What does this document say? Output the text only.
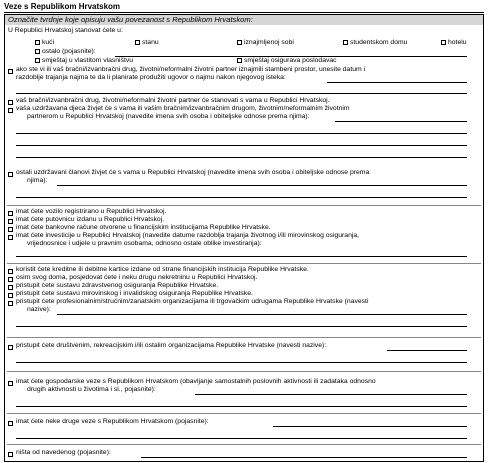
Veze s Republikom Hrvatskom
Označite tvrdnje koje opisuju vašu povezanost s Republikom Hrvatskom:
U Republici Hrvatskoj stanovat ćete u:
kući	stanu	iznajmljenoj sobi	studentskom domu	hotelu
ostalo (pojasnite):
smještaj u vlastitom vlasništvu	smještaj osigurava poslodavac
ako ste vi ili vaš bračni/izvanbračni drug, životni/neformalni životni partner iznajmili stambeni prostor, unesite datum i
razdoblje trajanja najma te da li planirate produžiti ugovor o najmu nakon njegovog isteka:
vaš bračni/izvanbračni drug, životni/neformalni životni partner će stanovati s vama u Republici Hrvatskoj.
vaša uzdržavana djeca živjet će s vama ili vašim bračnim/izvanbračnim drugom, životnim/neformalnim životnim
partnerom u Republici Hrvatskoj (navedite imena svih osoba i obiteljske odnose prema njima):
ostali uzdržavani članovi živjet će s vama u Republici Hrvatskoj (navedite imena svih osoba i obiteljske odnose prema
njima):
imat ćete vozilo registrirano u Republici Hrvatskoj.
imat ćete putovnicu izdanu u Republici Hrvatskoj.
imat ćete bankovne račune otvorene u financijskim institucijama Republike Hrvatske.
imat ćete investicije u Republici Hrvatskoj (navedite datume razdoblja trajanja životnog i/ili mirovinskog osiguranja,
vrijednosnice i udjele u pravnim osobama, odnosno ostale oblike investiranja):
koristit ćete kreditne ili debitne kartice izdane od strane financijskih institucija Republike Hrvatske.
osim svog doma, posjedovat ćete i neku drugu nekretninu u Republici Hrvatskoj.
pristupit ćete sustavu zdravstvenog osiguranja Republike Hrvatske.
pristupit ćete sustavu mirovinskog i invalidskog osiguranja Republike Hrvatske.
pristupit ćete profesionalnim/strućnim/zanatskim organizacijama ili trgovačkim udrugama Republike Hrvatske (navesti
nazive):
pristupit ćete društvenim, rekreacijskim i/ili ostalim organizacijama Republike Hrvatske (navesti nazive):
imat ćete gospodarske veze s Republikom Hrvatskom (obavljanje samostalnih poslovnih aktivnosti ili zadataka odnosno
drugih aktivnosti u životima i sl., pojasnite):
imat ćete neke druge veze s Republikom Hrvatskom (pojasnite):
ništa od navedenog (pojasnite):
